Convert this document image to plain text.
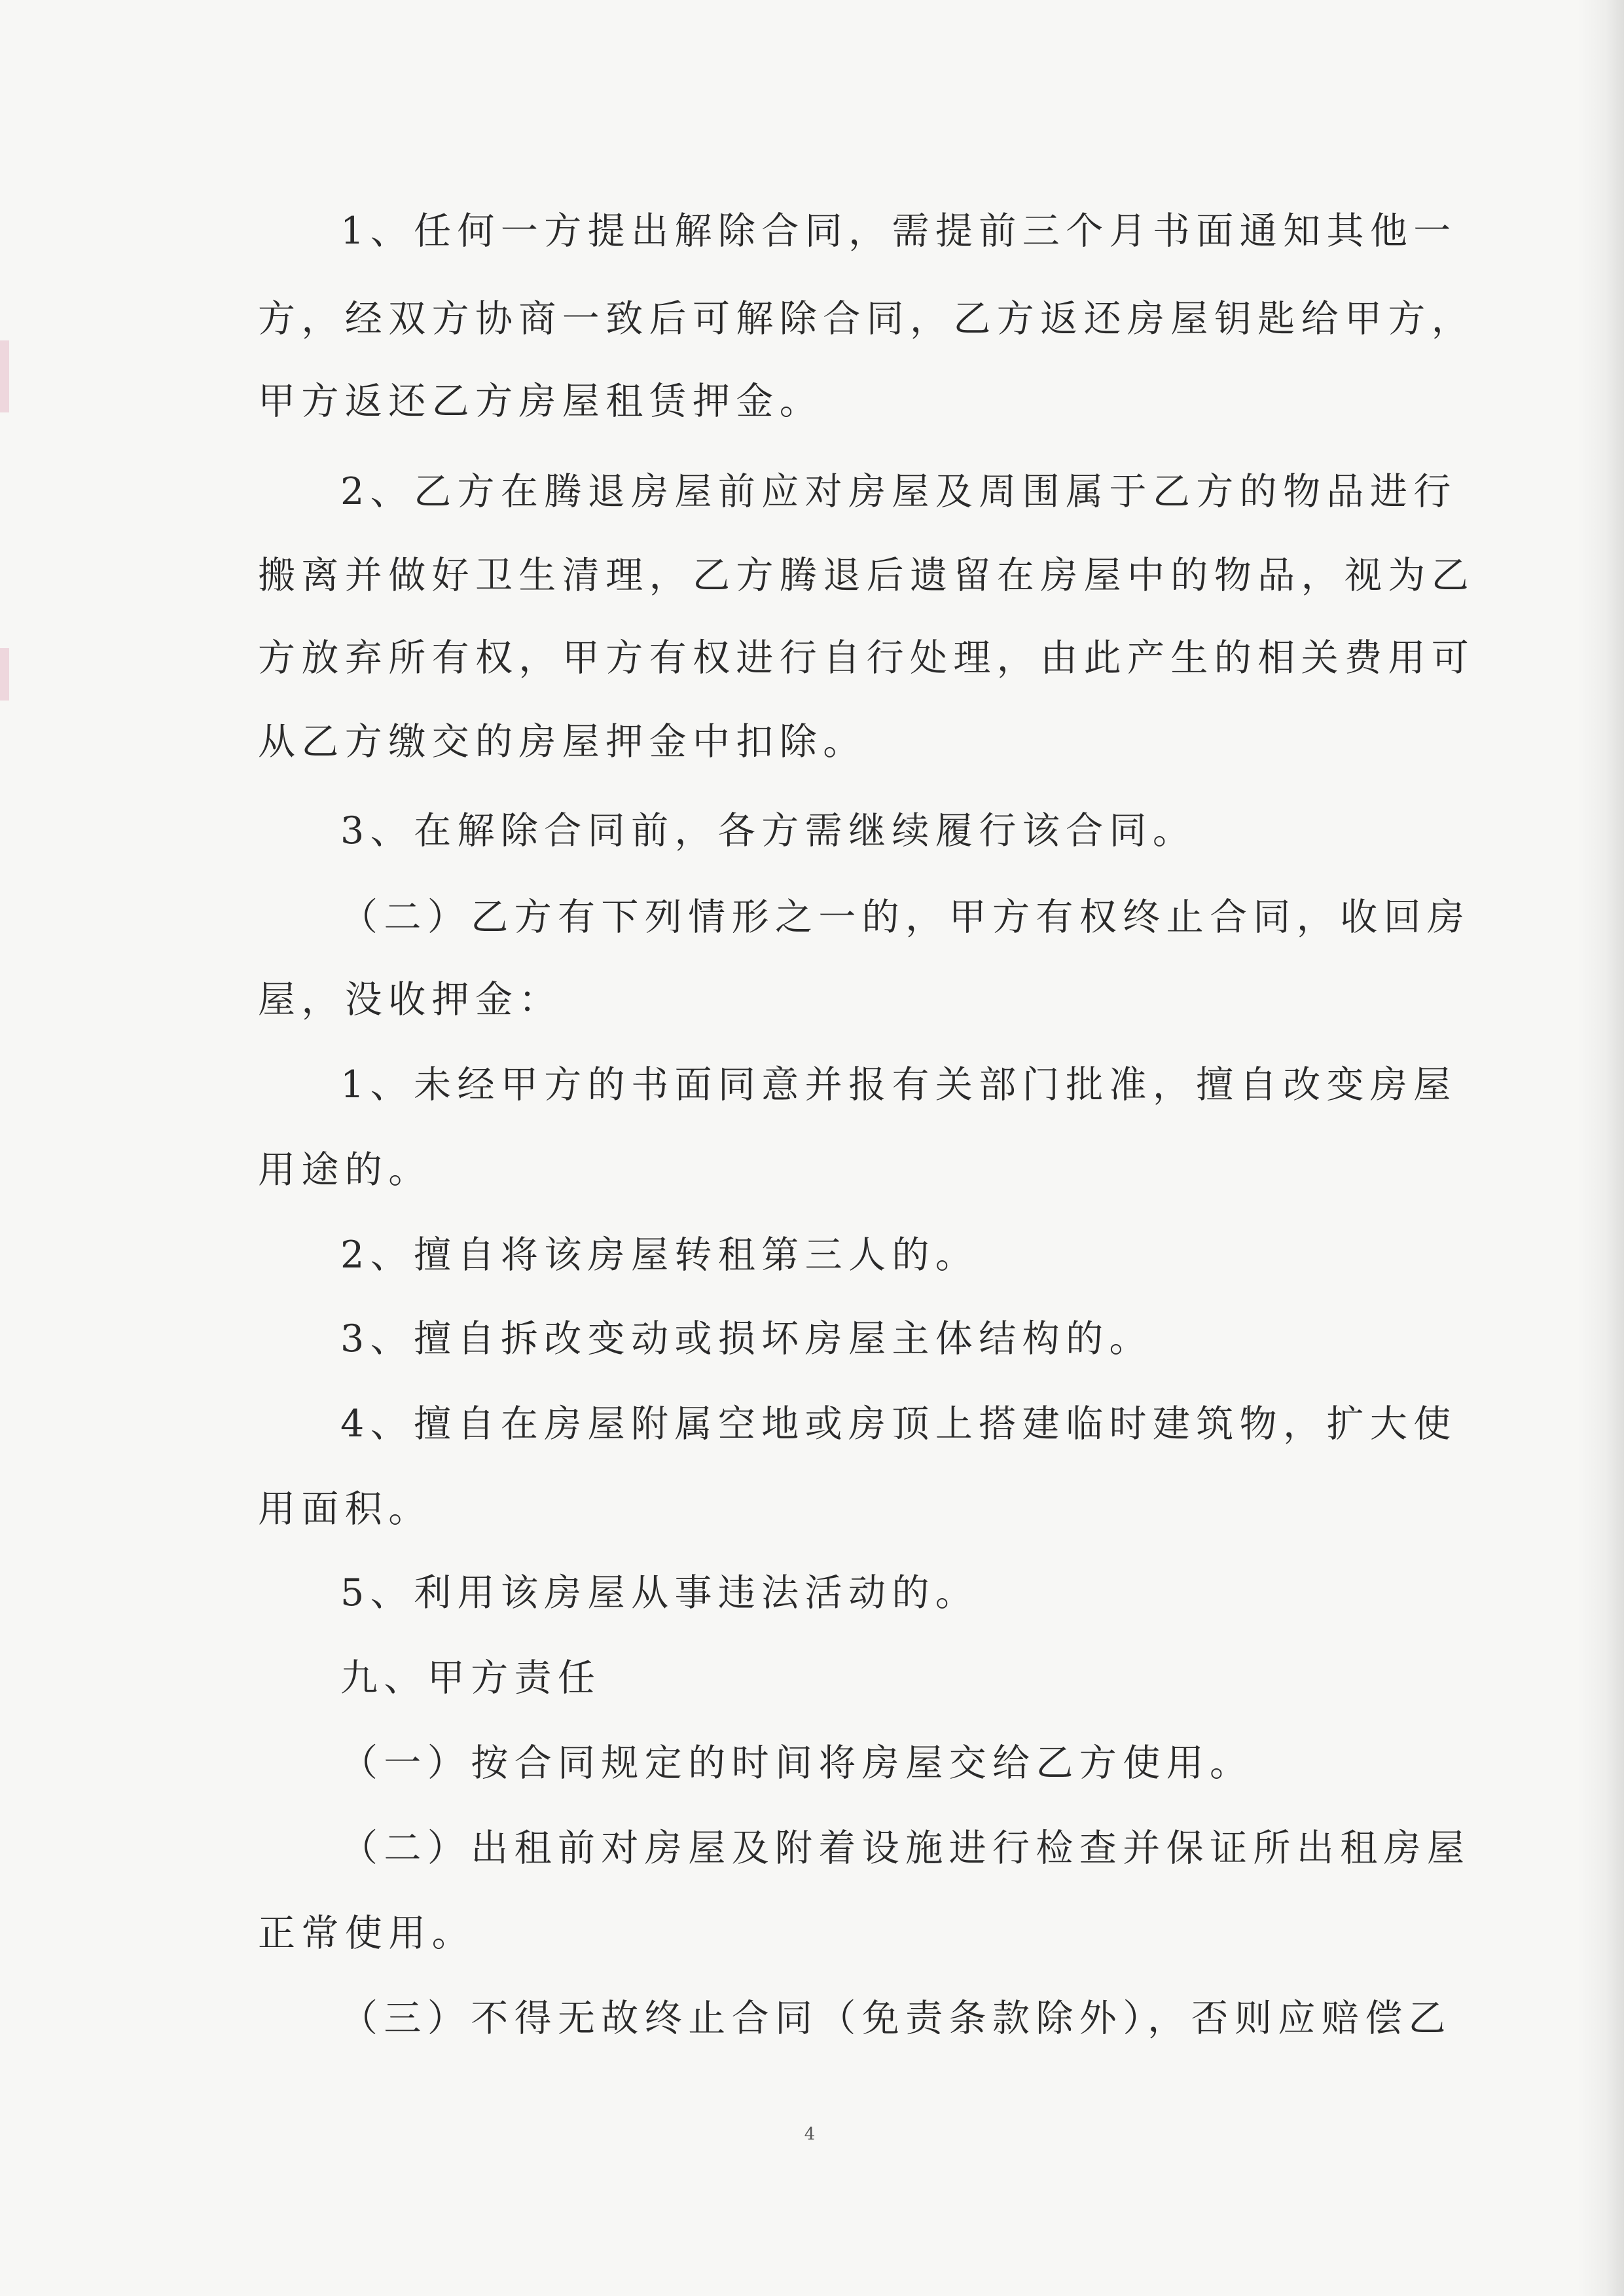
1、任何一方提出解除合同，需提前三个月书面通知其他一
方，经双方协商一致后可解除合同，乙方返还房屋钥匙给甲方，
甲方返还乙方房屋租赁押金。
2、乙方在腾退房屋前应对房屋及周围属于乙方的物品进行
搬离并做好卫生清理，乙方腾退后遗留在房屋中的物品，视为乙
方放弃所有权，甲方有权进行自行处理，由此产生的相关费用可
从乙方缴交的房屋押金中扣除。
3、在解除合同前，各方需继续履行该合同。
（二）乙方有下列情形之一的，甲方有权终止合同，收回房
屋，没收押金：
1、未经甲方的书面同意并报有关部门批准，擅自改变房屋
用途的。
2、擅自将该房屋转租第三人的。
3、擅自拆改变动或损坏房屋主体结构的。
4、擅自在房屋附属空地或房顶上搭建临时建筑物，扩大使
用面积。
5、利用该房屋从事违法活动的。
九、甲方责任
（一）按合同规定的时间将房屋交给乙方使用。
（二）出租前对房屋及附着设施进行检查并保证所出租房屋
正常使用。
（三）不得无故终止合同（免责条款除外），否则应赔偿乙
4
